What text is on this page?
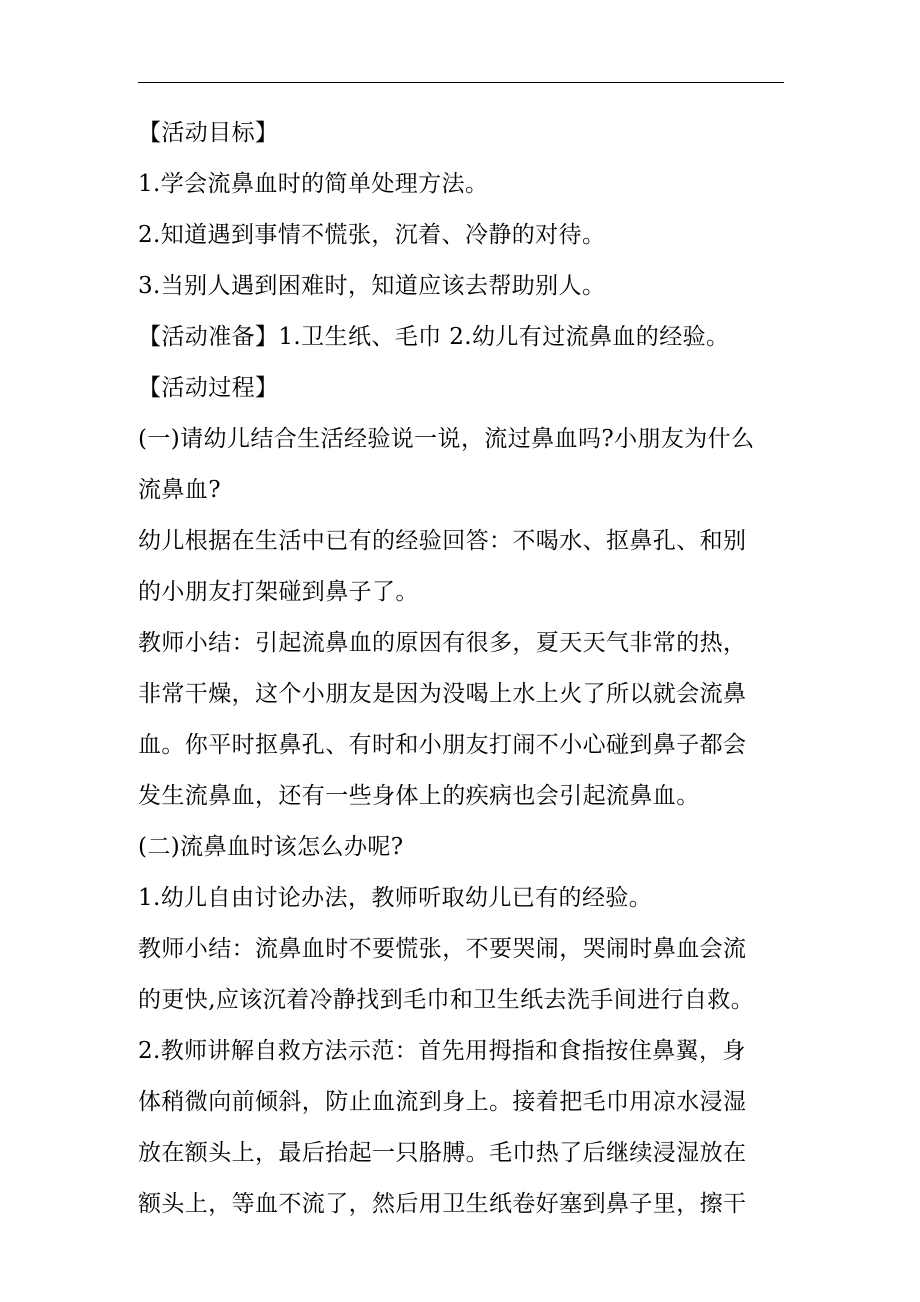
【活动目标】
1.学会流鼻血时的简单处理方法。
2.知道遇到事情不慌张，沉着、冷静的对待。
3.当别人遇到困难时，知道应该去帮助别人。
【活动准备】1.卫生纸、毛巾 2.幼儿有过流鼻血的经验。
【活动过程】
(一)请幼儿结合生活经验说一说，流过鼻血吗?小朋友为什么
流鼻血?
幼儿根据在生活中已有的经验回答：不喝水、抠鼻孔、和别
的小朋友打架碰到鼻子了。
教师小结：引起流鼻血的原因有很多，夏天天气非常的热，
非常干燥，这个小朋友是因为没喝上水上火了所以就会流鼻
血。你平时抠鼻孔、有时和小朋友打闹不小心碰到鼻子都会
发生流鼻血，还有一些身体上的疾病也会引起流鼻血。
(二)流鼻血时该怎么办呢?
1.幼儿自由讨论办法，教师听取幼儿已有的经验。
教师小结：流鼻血时不要慌张，不要哭闹，哭闹时鼻血会流
的更快,应该沉着冷静找到毛巾和卫生纸去洗手间进行自救。
2.教师讲解自救方法示范：首先用拇指和食指按住鼻翼，身
体稍微向前倾斜，防止血流到身上。接着把毛巾用凉水浸湿
放在额头上，最后抬起一只胳膊。毛巾热了后继续浸湿放在
额头上，等血不流了，然后用卫生纸卷好塞到鼻子里，擦干
